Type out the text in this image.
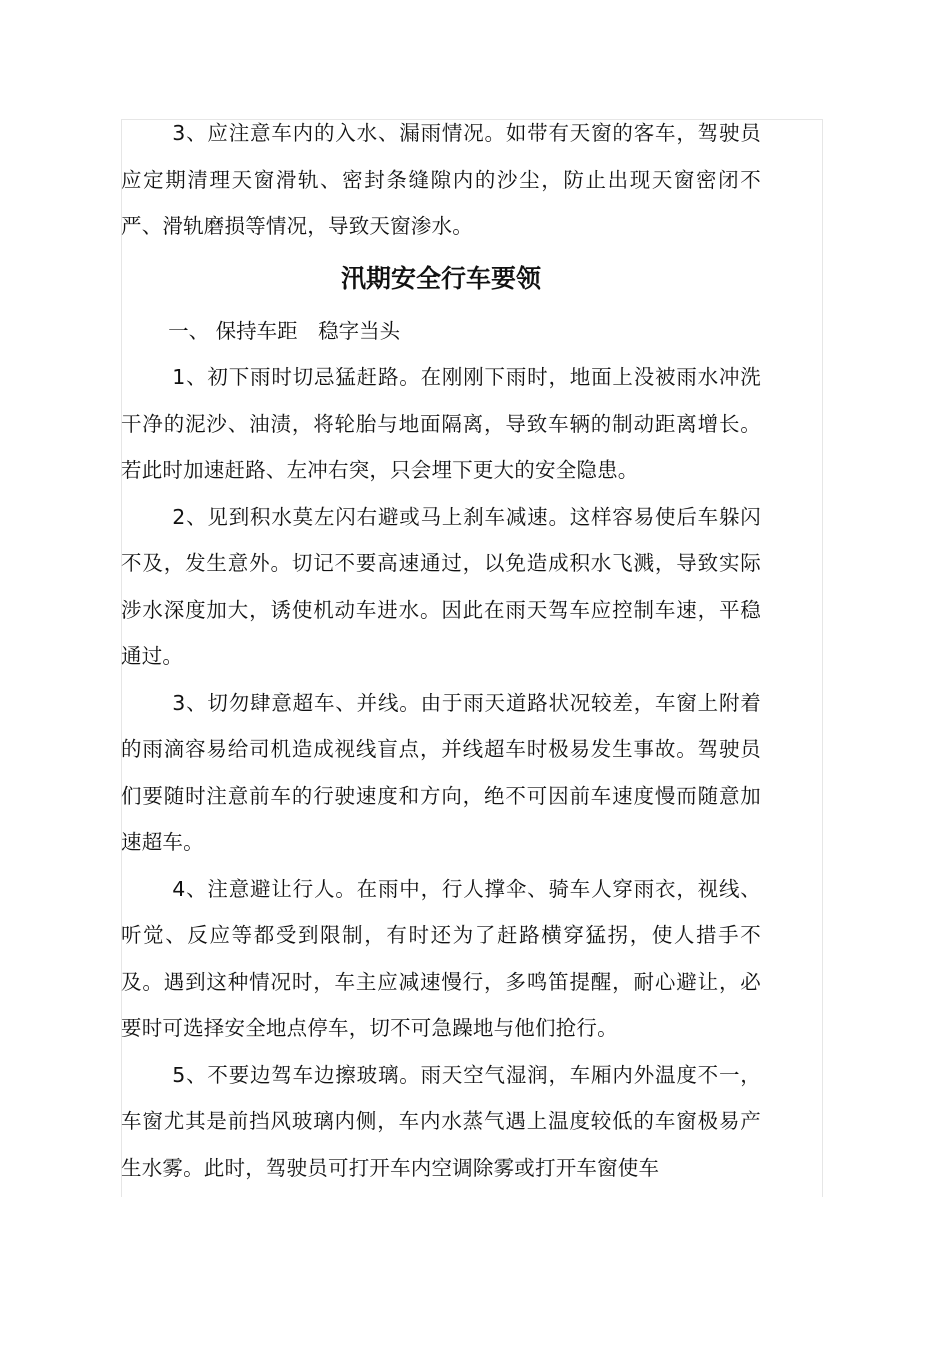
3、应注意车内的入水、漏雨情况。如带有天窗的客车，驾驶员应定期清理天窗滑轨、密封条缝隙内的沙尘，防止出现天窗密闭不严、滑轨磨损等情况，导致天窗渗水。

汛期安全行车要领

一、 保持车距　稳字当头

1、初下雨时切忌猛赶路。在刚刚下雨时，地面上没被雨水冲洗干净的泥沙、油渍，将轮胎与地面隔离，导致车辆的制动距离增长。若此时加速赶路、左冲右突，只会埋下更大的安全隐患。

2、见到积水莫左闪右避或马上刹车减速。这样容易使后车躲闪不及，发生意外。切记不要高速通过，以免造成积水飞溅，导致实际涉水深度加大，诱使机动车进水。因此在雨天驾车应控制车速，平稳通过。

3、切勿肆意超车、并线。由于雨天道路状况较差，车窗上附着的雨滴容易给司机造成视线盲点，并线超车时极易发生事故。驾驶员们要随时注意前车的行驶速度和方向，绝不可因前车速度慢而随意加速超车。

4、注意避让行人。在雨中，行人撑伞、骑车人穿雨衣，视线、听觉、反应等都受到限制，有时还为了赶路横穿猛拐，使人措手不及。遇到这种情况时，车主应减速慢行，多鸣笛提醒，耐心避让，必要时可选择安全地点停车，切不可急躁地与他们抢行。

5、不要边驾车边擦玻璃。雨天空气湿润，车厢内外温度不一，车窗尤其是前挡风玻璃内侧，车内水蒸气遇上温度较低的车窗极易产生水雾。此时，驾驶员可打开车内空调除雾或打开车窗使车
